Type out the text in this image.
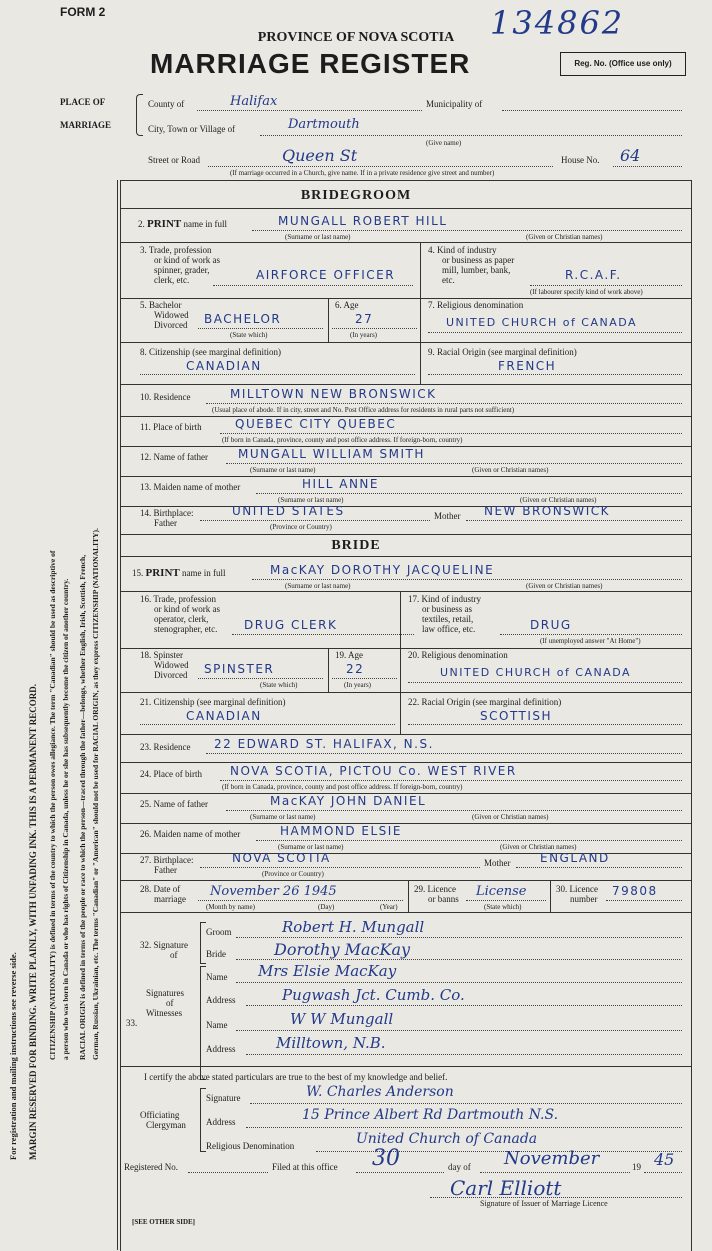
FORM 2	134862
PROVINCE OF NOVA SCOTIA
MARRIAGE REGISTER	Reg. No. (Office use only)
PLACE OF
MARRIAGE
County of	Halifax	Municipality of
City, Town or Village of	Dartmouth
(Give name)
Street or Road	Queen St	House No. 64
(If marriage occurred in a Church, give name. If in a private residence give street and number)
For registration and mailing instructions see reverse side. MARGIN RESERVED FOR BINDING. WRITE PLAINLY, WITH UNFADING INK. THIS IS A PERMANENT RECORD. CITIZENSHIP (NATIONALITY) is defined in terms of the country to which the person owes allegiance. The term "Canadian" should be used as descriptive of a person who was born in Canada or who has rights of Citizenship in Canada, unless he or she has subsequently become the citizen of another country. RACIAL ORIGIN is defined in terms of the people or race to which the person—traced through the father—belongs, whether English, Irish, Scottish, French, German, Russian, Ukrainian, etc. The terms "Canadian" or "American" should not be used for RACIAL ORIGIN, as they express CITIZENSHIP (NATIONALITY).
BRIDEGROOM
2. PRINT name in full	MUNGALL ROBERT HILL
(Surname or last name)	(Given or Christian names)
3. Trade, profession
or kind of work as
spinner, grader,
clerk, etc.	AIRFORCE OFFICER
4. Kind of industry
or business as paper
mill, lumber, bank,
etc.	R.C.A.F.
(If labourer specify kind of work above)
5. Bachelor
Widowed
Divorced BACHELOR
(State which)
6. Age
27
(In years)
7. Religious denomination
UNITED CHURCH of CANADA
8. Citizenship (see marginal definition)
CANADIAN
9. Racial Origin (see marginal definition)
FRENCH
10. Residence	MILLTOWN NEW BRONSWICK
(Usual place of abode. If in city, street and No. Post Office address for residents in rural parts not sufficient)
11. Place of birth	QUEBEC CITY QUEBEC
(If born in Canada, province, county and post office address. If foreign-born, country)
12. Name of father	MUNGALL WILLIAM SMITH
(Surname or last name)	(Given or Christian names)
13. Maiden name of mother	HILL ANNE
(Surname or last name)	(Given or Christian names)
14. Birthplace:
Father
UNITED STATES
(Province or Country)
Mother NEW BRONSWICK
BRIDE
15. PRINT name in full	MacKAY DOROTHY JACQUELINE
(Surname or last name)	(Given or Christian names)
16. Trade, profession
or kind of work as
operator, clerk,
stenographer, etc. DRUG CLERK
17. Kind of industry
or business as
textiles, retail,
law office, etc.	DRUG
(If unemployed answer "At Home")
18. Spinster
Widowed
Divorced SPINSTER
(State which)
19. Age
22
(In years)
20. Religious denomination
UNITED CHURCH of CANADA
21. Citizenship (see marginal definition)
CANADIAN
22. Racial Origin (see marginal definition)
SCOTTISH
23. Residence 22 EDWARD ST. HALIFAX, N.S.
24. Place of birth NOVA SCOTIA, PICTOU Co. WEST RIVER
(If born in Canada, province, county and post office address. If foreign-born, country)
25. Name of father	MacKAY JOHN DANIEL
(Surname or last name)	(Given or Christian names)
26. Maiden name of mother	HAMMOND ELSIE
(Surname or last name)	(Given or Christian names)
27. Birthplace:
Father
NOVA SCOTIA
(Province or Country)
Mother ENGLAND
28. Date of
marriage November 26 1945
(Month by name)	(Day)	(Year)
29. Licence
or banns License
(State which)
30. Licence
number
79808
32. Signature
of
Groom	Robert H. Mungall
Bride	Dorothy MacKay
Signatures
of
Witnesses
33.
Name Mrs Elsie MacKay
Address	Pugwash Jct. Cumb. Co.
Name	W W Mungall
Address	Milltown, N.B.
I certify the above stated particulars are true to the best of my knowledge and belief.
Officiating
Clergyman
Signature	W. Charles Anderson
Address	15 Prince Albert Rd Dartmouth N.S.
Religious Denomination	United Church of Canada
Registered No.	Filed at this office 30	day of November	19 45
Carl Elliott
Signature of Issuer of Marriage Licence
[SEE OTHER SIDE]
